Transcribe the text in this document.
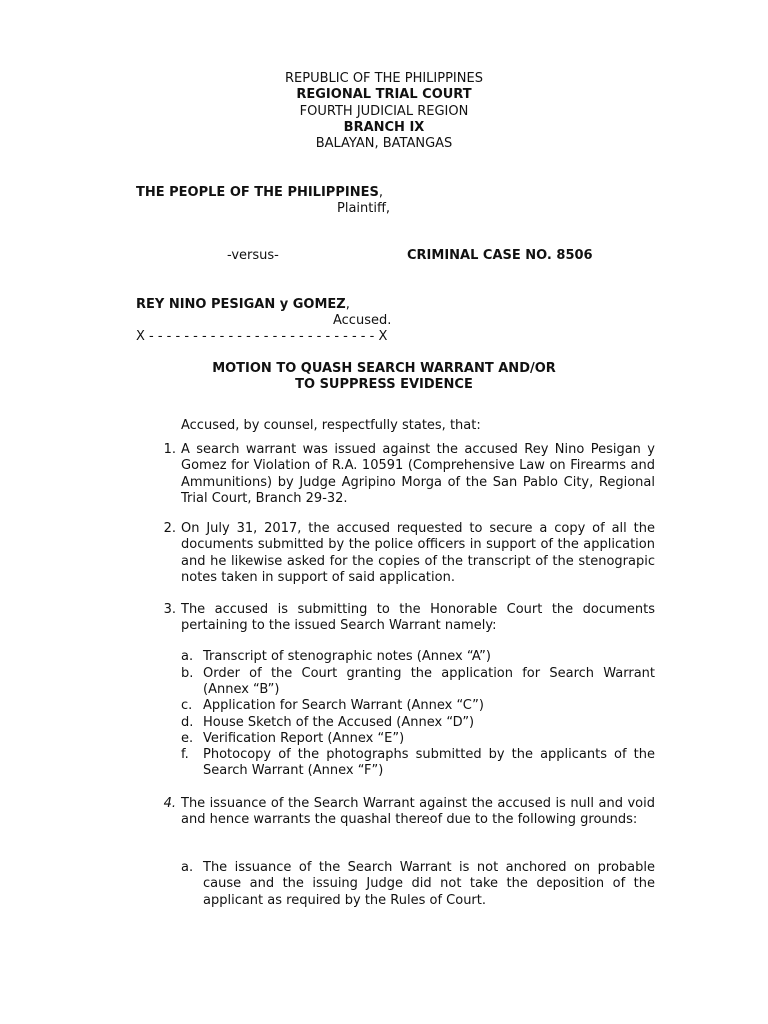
REPUBLIC OF THE PHILIPPINES
REGIONAL TRIAL COURT
FOURTH JUDICIAL REGION
BRANCH IX
BALAYAN, BATANGAS
THE PEOPLE OF THE PHILIPPINES,
Plaintiff,
-versus-	CRIMINAL CASE NO. 8506
REY NINO PESIGAN y GOMEZ,
Accused.
X - - - - - - - - - - - - - - - - - - - - - - - - - - X
MOTION TO QUASH SEARCH WARRANT AND/OR
TO SUPPRESS EVIDENCE
Accused, by counsel, respectfully states, that:
1. A search warrant was issued against the accused Rey Nino Pesigan y Gomez for Violation of R.A. 10591 (Comprehensive Law on Firearms and Ammunitions) by Judge Agripino Morga of the San Pablo City, Regional Trial Court, Branch 29-32.
2. On July 31, 2017, the accused requested to secure a copy of all the documents submitted by the police officers in support of the application and he likewise asked for the copies of the transcript of the stenograpic notes taken in support of said application.
3. The accused is submitting to the Honorable Court the documents pertaining to the issued Search Warrant namely:
a. Transcript of stenographic notes (Annex “A”)
b. Order of the Court granting the application for Search Warrant (Annex “B”)
c. Application for Search Warrant (Annex “C”)
d. House Sketch of the Accused (Annex “D”)
e. Verification Report (Annex “E”)
f.	Photocopy of the photographs submitted by the applicants of the Search Warrant (Annex “F”)
4. The issuance of the Search Warrant against the accused is null and void and hence warrants the quashal thereof due to the following grounds:
a. The issuance of the Search Warrant is not anchored on probable cause and the issuing Judge did not take the deposition of the applicant as required by the Rules of Court.
